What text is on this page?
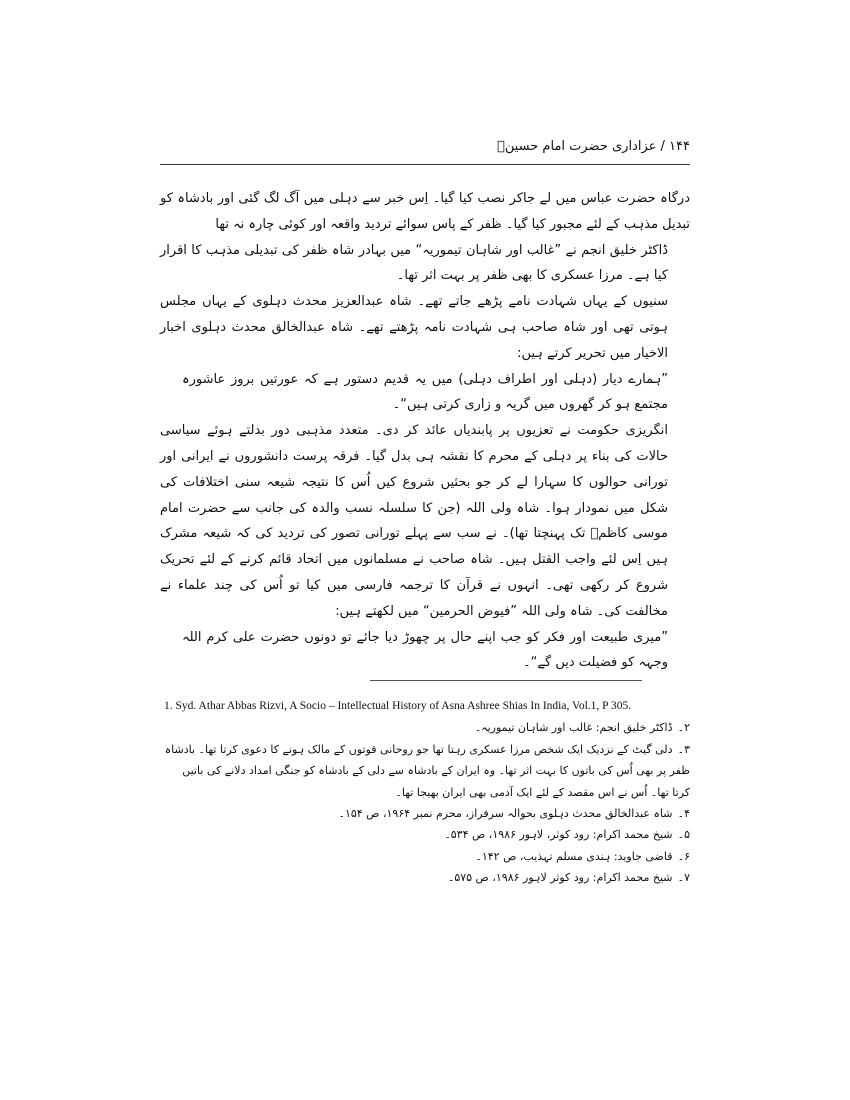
۱۴۴ / عزاداری حضرت امام حسینؑ

درگاہ حضرت عباس میں لے جاکر نصب کیا گیا۔ اِس خبر سے دہلی میں آگ لگ گئی اور بادشاہ کو تبدیل مذہب کے لئے مجبور کیا گیا۔ ظفر کے پاس سوائے تردید واقعہ اور کوئی چارہ نہ تھا

ڈاکٹر خلیق انجم نے ”غالب اور شاہان تیموریہ“ میں بہادر شاہ ظفر کی تبدیلی مذہب کا اقرار کیا ہے۔ مرزا عسکری کا بھی ظفر پر بہت اثر تھا۔

سنیوں کے یہاں شہادت نامے پڑھے جاتے تھے۔ شاہ عبدالعزیز محدث دہلوی کے یہاں مجلس ہوتی تھی اور شاہ صاحب ہی شہادت نامہ پڑھتے تھے۔ شاہ عبدالخالق محدث دہلوی اخبار الاخیار میں تحریر کرتے ہیں:

”ہمارے دیار (دہلی اور اطراف دہلی) میں یہ قدیم دستور ہے کہ عورتیں بروز عاشورہ مجتمع ہو کر گھروں میں گریہ و زاری کرتی ہیں“۔

انگریزی حکومت نے تعزیوں پر پابندیاں عائد کر دی۔ متعدد مذہبی دور بدلتے ہوئے سیاسی حالات کی بناء پر دہلی کے محرم کا نقشہ ہی بدل گیا۔ فرقہ پرست دانشوروں نے ایرانی اور تورانی حوالوں کا سہارا لے کر جو بحثیں شروع کیں اُس کا نتیجہ شیعہ سنی اختلافات کی شکل میں نمودار ہوا۔ شاہ ولی اللہ (جن کا سلسلہ نسب والدہ کی جانب سے حضرت امام موسی کاظمؑ تک پہنچتا تھا)۔ نے سب سے پہلے تورانی تصور کی تردید کی کہ شیعہ مشرک ہیں اِس لئے واجب القتل ہیں۔ شاہ صاحب نے مسلمانوں میں اتحاد قائم کرنے کے لئے تحریک شروع کر رکھی تھی۔ انہوں نے قرآن کا ترجمہ فارسی میں کیا تو اُس کی چند علماء نے مخالفت کی۔ شاہ ولی اللہ ”فیوض الحرمین“ میں لکھتے ہیں:

”میری طبیعت اور فکر کو جب اپنے حال پر چھوڑ دیا جائے تو دونوں حضرت علی کرم اللہ وجہہ کو فضیلت دیں گے“۔

1. Syd. Athar Abbas Rizvi, A Socio – Intellectual History of Asna Ashree Shias In India, Vol.1, P 305.

۲۔ ڈاکٹر خلیق انجم: غالب اور شاہان تیموریہ۔

۳۔ دلی گیٹ کے نزدیک ایک شخص مرزا عسکری رہتا تھا جو روحانی قوتوں کے مالک ہونے کا دعوی کرتا تھا۔ بادشاہ ظفر پر بھی اُس کی باتوں کا بہت اثر تھا۔ وہ ایران کے بادشاہ سے دلی کے بادشاہ کو جنگی امداد دلانے کی باتیں کرتا تھا۔ اُس نے اس مقصد کے لئے ایک آدمی بھی ایران بھیجا تھا۔

۴۔ شاہ عبدالخالق محدث دہلوی بحوالہ سرفراز، محرم نمبر ۱۹۶۴، ص ۱۵۴۔

۵۔ شیخ محمد اکرام: رود کوثر، لاہور ۱۹۸۶، ص ۵۳۴۔

۶۔ قاضی جاوید: ہندی مسلم تہذیب، ص ۱۴۲۔

۷۔ شیخ محمد اکرام: رود کوثر لاہور ۱۹۸۶، ص ۵۷۵۔
